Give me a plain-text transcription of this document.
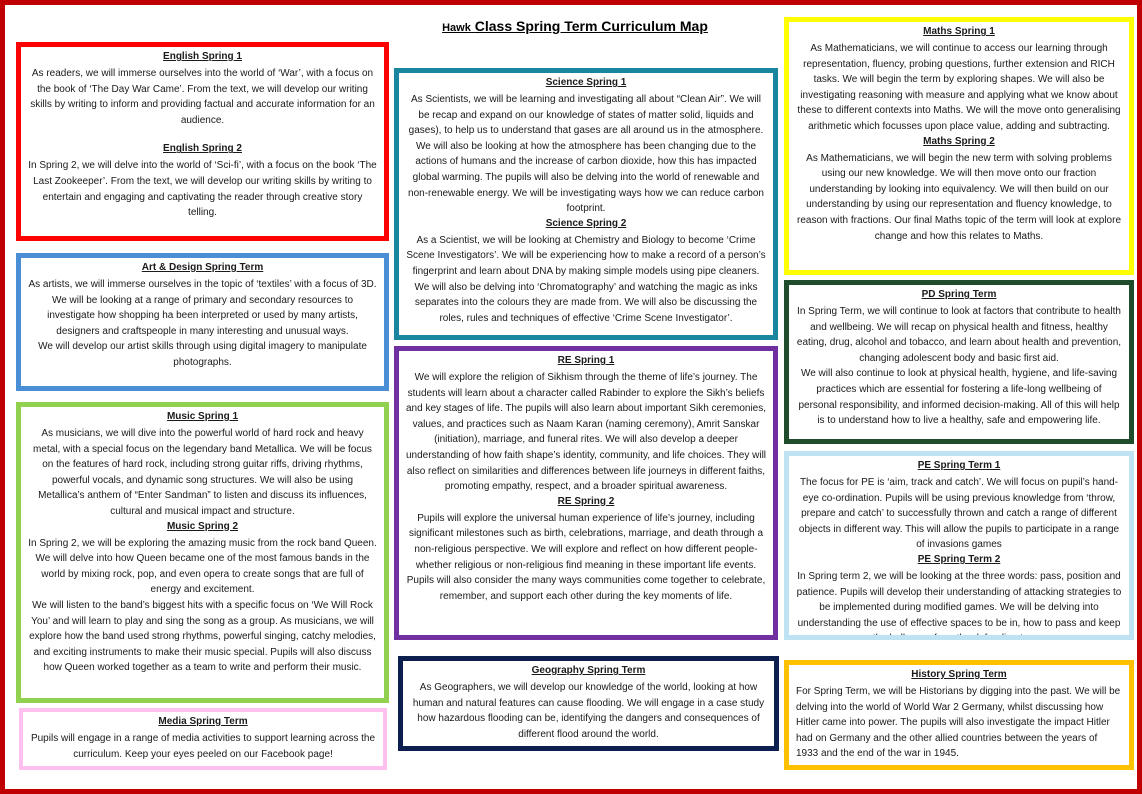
Hawk Class Spring Term Curriculum Map
English Spring 1

As readers, we will immerse ourselves into the world of ‘War’, with a focus on the book of ‘The Day War Came’. From the text, we will develop our writing skills by writing to inform and providing factual and accurate information for an audience.

English Spring 2

In Spring 2, we will delve into the world of ‘Sci-fi’, with a focus on the book ‘The Last Zookeeper’. From the text, we will develop our writing skills by writing to entertain and engaging and captivating the reader through creative story telling.

Art & Design Spring Term

As artists, we will immerse ourselves in the topic of ‘textiles’ with a focus of 3D. We will be looking at a range of primary and secondary resources to investigate how shopping ha been interpreted or used by many artists, designers and craftspeople in many interesting and unusual ways.

We will develop our artist skills through using digital imagery to manipulate photographs.

Music Spring 1

As musicians, we will dive into the powerful world of hard rock and heavy metal, with a special focus on the legendary band Metallica. We will be focus on the features of hard rock, including strong guitar riffs, driving rhythms, powerful vocals, and dynamic song structures. We will also be using Metallica’s anthem of “Enter Sandman” to listen and discuss its influences, cultural and musical impact and structure.

Music Spring 2

In Spring 2, we will be exploring the amazing music from the rock band Queen. We will delve into how Queen became one of the most famous bands in the world by mixing rock, pop, and even opera to create songs that are full of energy and excitement.

We will listen to the band’s biggest hits with a specific focus on ‘We Will Rock You’ and will learn to play and sing the song as a group. As musicians, we will explore how the band used strong rhythms, powerful singing, catchy melodies, and exciting instruments to make their music special. Pupils will also discuss how Queen worked together as a team to write and perform their music.

Media Spring Term

Pupils will engage in a range of media activities to support learning across the curriculum. Keep your eyes peeled on our Facebook page!

Science Spring 1

As Scientists, we will be learning and investigating all about “Clean Air”. We will be recap and expand on our knowledge of states of matter solid, liquids and gases), to help us to understand that gases are all around us in the atmosphere. We will also be looking at how the atmosphere has been changing due to the actions of humans and the increase of carbon dioxide, how this has impacted global warming. The pupils will also be delving into the world of renewable and non-renewable energy. We will be investigating ways how we can reduce carbon footprint.

Science Spring 2

As a Scientist, we will be looking at Chemistry and Biology to become ‘Crime Scene Investigators’. We will be experiencing how to make a record of a person’s fingerprint and learn about DNA by making simple models using pipe cleaners. We will also be delving into ‘Chromatography’ and watching the magic as inks separates into the colours they are made from. We will also be discussing the roles, rules and techniques of effective ‘Crime Scene Investigator’.

RE Spring 1

We will explore the religion of Sikhism through the theme of life’s journey. The students will learn about a character called Rabinder to explore the Sikh’s beliefs and key stages of life. The pupils will also learn about important Sikh ceremonies, values, and practices such as Naam Karan (naming ceremony), Amrit Sanskar (initiation), marriage, and funeral rites. We will also develop a deeper understanding of how faith shape’s identity, community, and life choices. They will also reflect on similarities and differences between life journeys in different faiths, promoting empathy, respect, and a broader spiritual awareness.

RE Spring 2

Pupils will explore the universal human experience of life’s journey, including significant milestones such as birth, celebrations, marriage, and death through a non-religious perspective. We will explore and reflect on how different people-whether religious or non-religious find meaning in these important life events. Pupils will also consider the many ways communities come together to celebrate, remember, and support each other during the key moments of life.

Geography Spring Term

As Geographers, we will develop our knowledge of the world, looking at how human and natural features can cause flooding. We will engage in a case study how hazardous flooding can be, identifying the dangers and consequences of different flood around the world.

Maths Spring 1

As Mathematicians, we will continue to access our learning through representation, fluency, probing questions, further extension and RICH tasks. We will begin the term by exploring shapes. We will also be investigating reasoning with measure and applying what we know about these to different contexts into Maths. We will the move onto generalising arithmetic which focusses upon place value, adding and subtracting.

Maths Spring 2

As Mathematicians, we will begin the new term with solving problems using our new knowledge. We will then move onto our fraction understanding by looking into equivalency. We will then build on our understanding by using our representation and fluency knowledge, to reason with fractions. Our final Maths topic of the term will look at explore change and how this relates to Maths.

PD Spring Term

In Spring Term, we will continue to look at factors that contribute to health and wellbeing. We will recap on physical health and fitness, healthy eating, drug, alcohol and tobacco, and learn about health and prevention, changing adolescent body and basic first aid.

We will also continue to look at physical health, hygiene, and life-saving practices which are essential for fostering a life-long wellbeing of personal responsibility, and informed decision-making. All of this will help is to understand how to live a healthy, safe and empowering life.

PE Spring Term 1

The focus for PE is ‘aim, track and catch’. We will focus on pupil’s hand-eye co-ordination. Pupils will be using previous knowledge from ‘throw, prepare and catch’ to successfully thrown and catch a range of different objects in different way. This will allow the pupils to participate in a range of invasions games

PE Spring Term 2

In Spring term 2, we will be looking at the three words: pass, position and patience. Pupils will develop their understanding of attacking strategies to be implemented during modified games. We will be delving into understanding the use of effective spaces to be in, how to pass and keep the ball away from the defending team.

History Spring Term

For Spring Term, we will be Historians by digging into the past. We will be delving into the world of World War 2 Germany, whilst discussing how Hitler came into power. The pupils will also investigate the impact Hitler had on Germany and the other allied countries between the years of 1933 and the end of the war in 1945.
